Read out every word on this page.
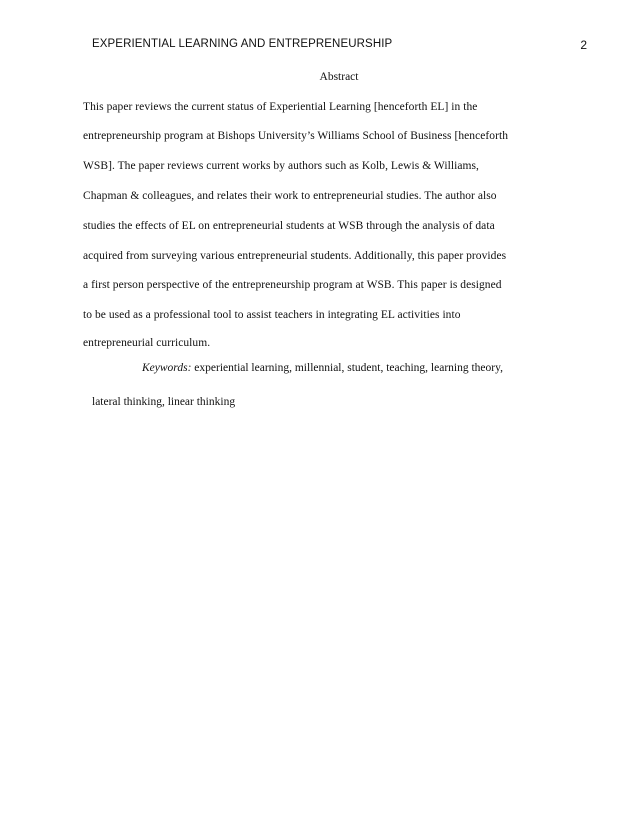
EXPERIENTIAL LEARNING AND ENTREPRENEURSHIP	2
Abstract
This paper reviews the current status of Experiential Learning [henceforth EL] in the
entrepreneurship program at Bishops University’s Williams School of Business [henceforth
WSB]. The paper reviews current works by authors such as Kolb, Lewis & Williams,
Chapman & colleagues, and relates their work to entrepreneurial studies. The author also
studies the effects of EL on entrepreneurial students at WSB through the analysis of data
acquired from surveying various entrepreneurial students. Additionally, this paper provides
a first person perspective of the entrepreneurship program at WSB. This paper is designed
to be used as a professional tool to assist teachers in integrating EL activities into
entrepreneurial curriculum.
Keywords: experiential learning, millennial, student, teaching, learning theory,
lateral thinking, linear thinking
